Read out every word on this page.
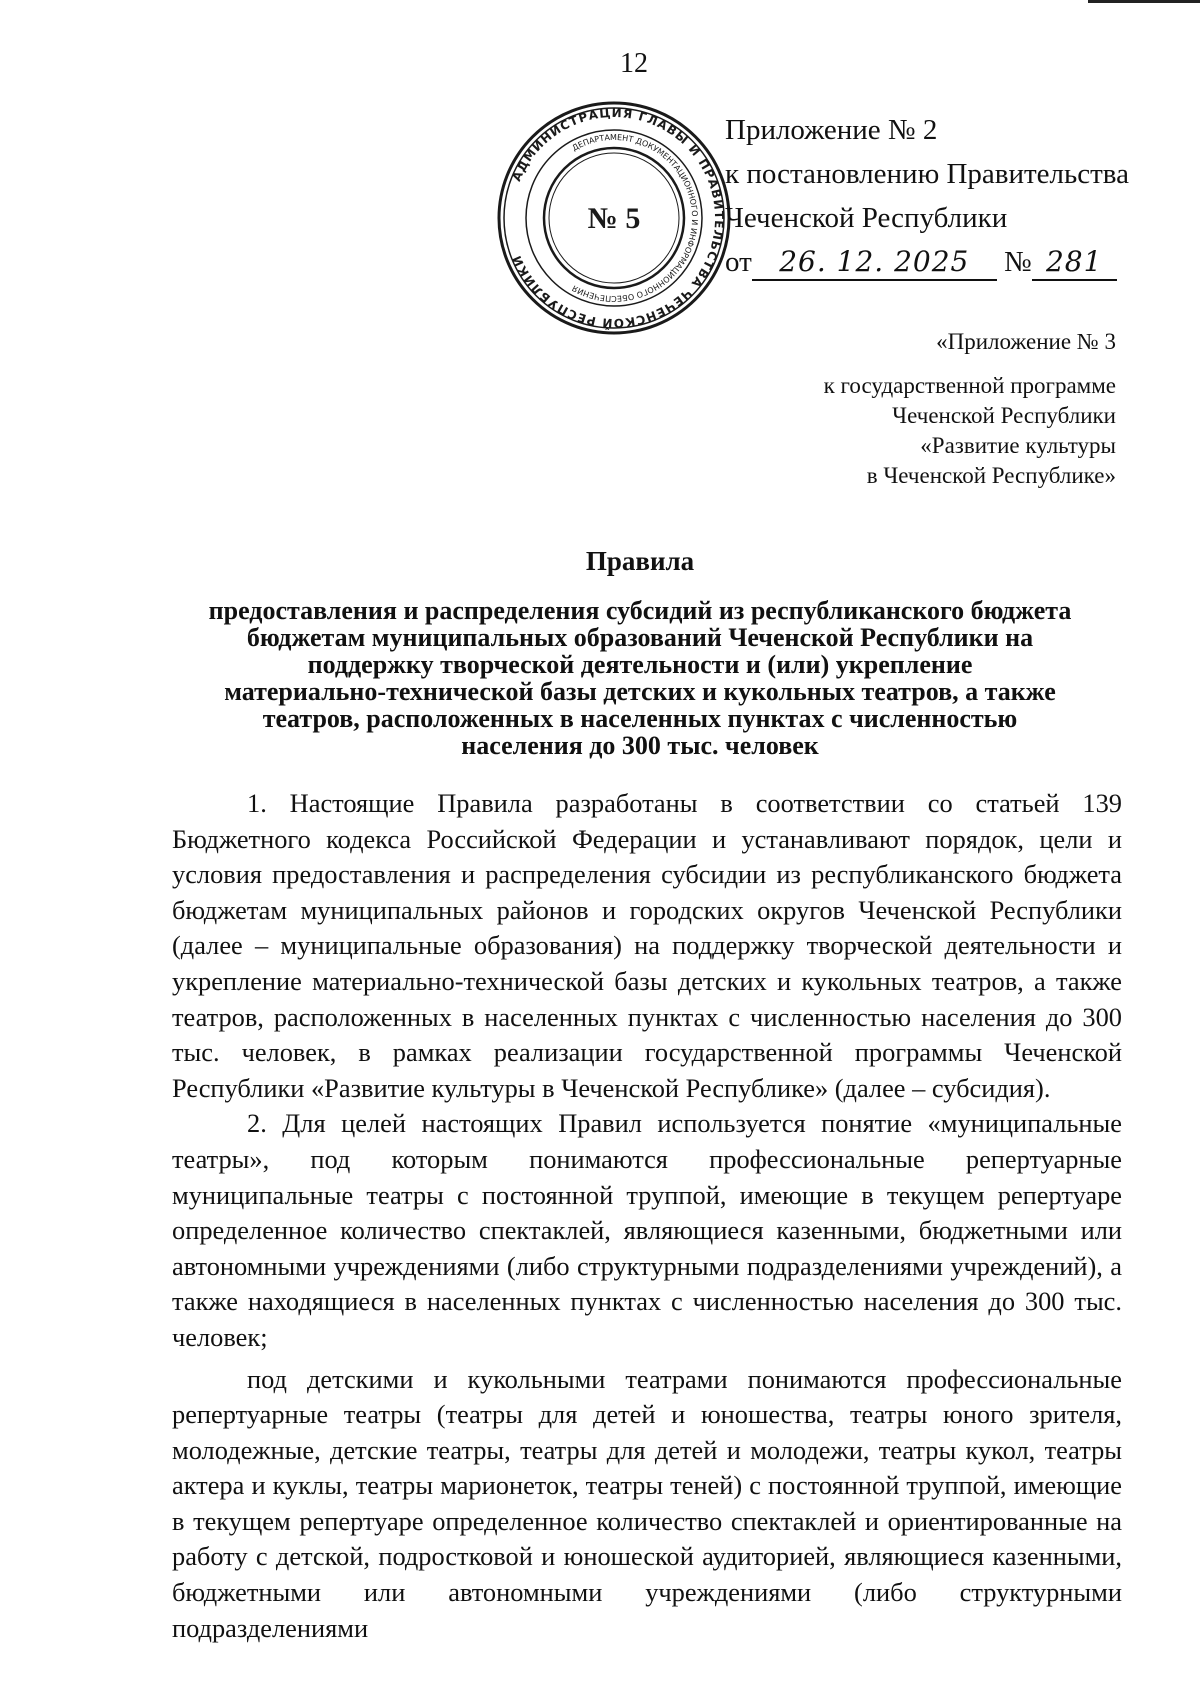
12
АДМИНИСТРАЦИЯ ГЛАВЫ И ПРАВИТЕЛЬСТВА ЧЕЧЕНСКОЙ РЕСПУБЛИКИ
ДЕПАРТАМЕНТ ДОКУМЕНТАЦИОННОГО И ИНФОРМАЦИОННОГО ОБЕСПЕЧЕНИЯ
№ 5
Приложение № 2
к постановлению Правительства
Чеченской Республики
от 26. 12. 2025 № 281
«Приложение № 3
к государственной программе
Чеченской Республики
«Развитие культуры
в Чеченской Республике»
Правила
предоставления и распределения субсидий из республиканского бюджета
бюджетам муниципальных образований Чеченской Республики на
поддержку творческой деятельности и (или) укрепление
материально-технической базы детских и кукольных театров, а также
театров, расположенных в населенных пунктах с численностью
населения до 300 тыс. человек

1. Настоящие Правила разработаны в соответствии со статьей 139 Бюджетного кодекса Российской Федерации и устанавливают порядок, цели и условия предоставления и распределения субсидии из республиканского бюджета бюджетам муниципальных районов и городских округов Чеченской Республики (далее – муниципальные образования) на поддержку творческой деятельности и укрепление материально-технической базы детских и кукольных театров, а также театров, расположенных в населенных пунктах с численностью населения до 300 тыс. человек, в рамках реализации государственной программы Чеченской Республики «Развитие культуры в Чеченской Республике» (далее – субсидия).

2. Для целей настоящих Правил используется понятие «муниципальные театры», под которым понимаются профессиональные репертуарные муниципальные театры с постоянной труппой, имеющие в текущем репертуаре определенное количество спектаклей, являющиеся казенными, бюджетными или автономными учреждениями (либо структурными подразделениями учреждений), а также находящиеся в населенных пунктах с численностью населения до 300 тыс. человек;

под детскими и кукольными театрами понимаются профессиональные репертуарные театры (театры для детей и юношества, театры юного зрителя, молодежные, детские театры, театры для детей и молодежи, театры кукол, театры актера и куклы, театры марионеток, театры теней) с постоянной труппой, имеющие в текущем репертуаре определенное количество спектаклей и ориентированные на работу с детской, подростковой и юношеской аудиторией, являющиеся казенными, бюджетными или автономными учреждениями (либо структурными подразделениями
